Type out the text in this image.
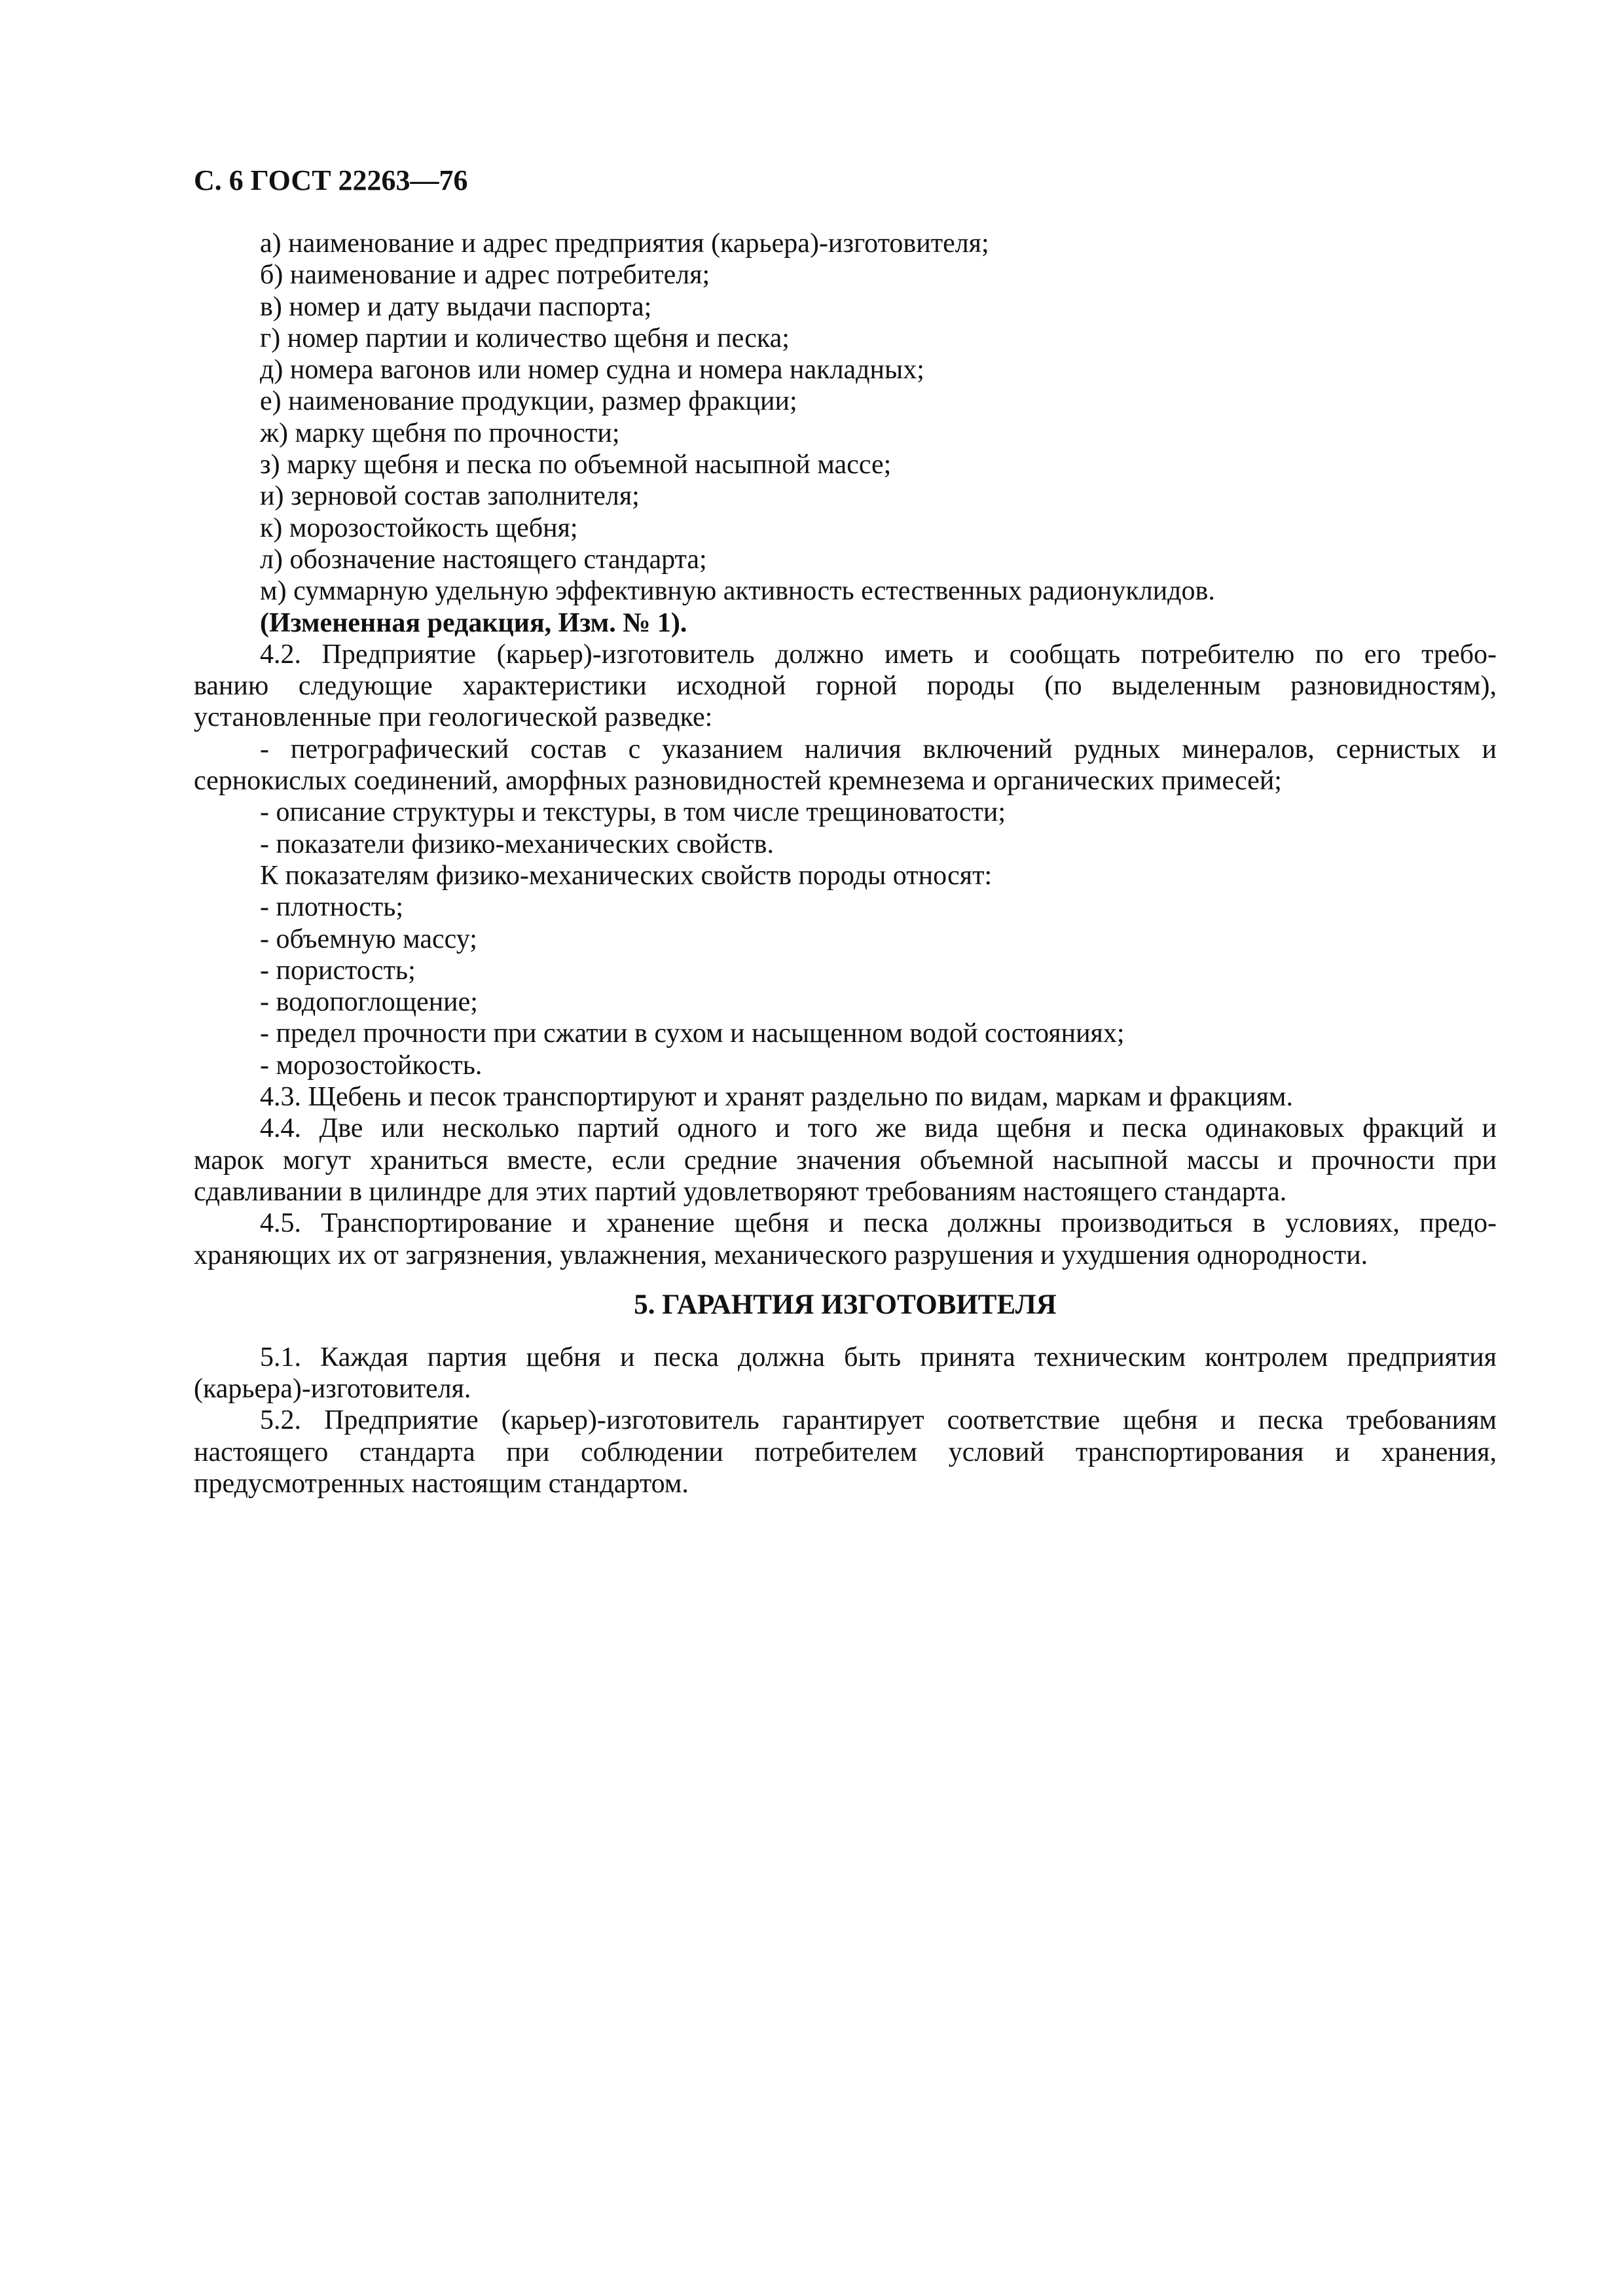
С. 6 ГОСТ 22263—76
а) наименование и адрес предприятия (карьера)-изготовителя;
б) наименование и адрес потребителя;
в) номер и дату выдачи паспорта;
г) номер партии и количество щебня и песка;
д) номера вагонов или номер судна и номера накладных;
е) наименование продукции, размер фракции;
ж) марку щебня по прочности;
з) марку щебня и песка по объемной насыпной массе;
и) зерновой состав заполнителя;
к) морозостойкость щебня;
л) обозначение настоящего стандарта;
м) суммарную удельную эффективную активность естественных радионуклидов.
(Измененная редакция, Изм. № 1).
4.2. Предприятие (карьер)-изготовитель должно иметь и сообщать потребителю по его требо-
ванию следующие характеристики исходной горной породы (по выделенным разновидностям),
установленные при геологической разведке:
- петрографический состав с указанием наличия включений рудных минералов, сернистых и
сернокислых соединений, аморфных разновидностей кремнезема и органических примесей;
- описание структуры и текстуры, в том числе трещиноватости;
- показатели физико-механических свойств.
К показателям физико-механических свойств породы относят:
- плотность;
- объемную массу;
- пористость;
- водопоглощение;
- предел прочности при сжатии в сухом и насыщенном водой состояниях;
- морозостойкость.
4.3. Щебень и песок транспортируют и хранят раздельно по видам, маркам и фракциям.
4.4. Две или несколько партий одного и того же вида щебня и песка одинаковых фракций и
марок могут храниться вместе, если средние значения объемной насыпной массы и прочности при
сдавливании в цилиндре для этих партий удовлетворяют требованиям настоящего стандарта.
4.5. Транспортирование и хранение щебня и песка должны производиться в условиях, предо-
храняющих их от загрязнения, увлажнения, механического разрушения и ухудшения однородности.
5. ГАРАНТИЯ ИЗГОТОВИТЕЛЯ
5.1. Каждая партия щебня и песка должна быть принята техническим контролем предприятия
(карьера)-изготовителя.
5.2. Предприятие (карьер)-изготовитель гарантирует соответствие щебня и песка требованиям
настоящего стандарта при соблюдении потребителем условий транспортирования и хранения,
предусмотренных настоящим стандартом.
